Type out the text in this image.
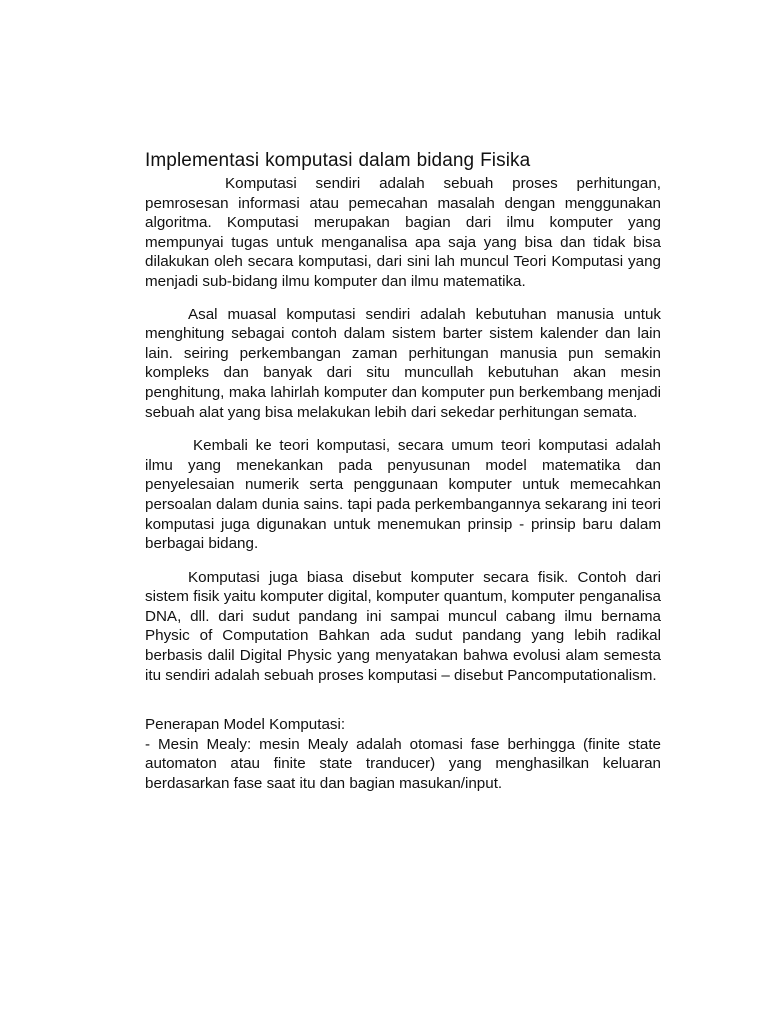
Implementasi komputasi dalam bidang Fisika

Komputasi sendiri adalah sebuah proses perhitungan, pemrosesan informasi atau pemecahan masalah dengan menggunakan algoritma. Komputasi merupakan bagian dari ilmu komputer yang mempunyai tugas untuk menganalisa apa saja yang bisa dan tidak bisa dilakukan oleh secara komputasi, dari sini lah muncul Teori Komputasi yang menjadi sub-bidang ilmu komputer dan ilmu matematika.

Asal muasal komputasi sendiri adalah kebutuhan manusia untuk menghitung sebagai contoh dalam sistem barter sistem kalender dan lain lain. seiring perkembangan zaman perhitungan manusia pun semakin kompleks dan banyak dari situ muncullah kebutuhan akan mesin penghitung, maka lahirlah komputer dan komputer pun berkembang menjadi sebuah alat yang bisa melakukan lebih dari sekedar perhitungan semata.

Kembali ke teori komputasi, secara umum teori komputasi adalah ilmu yang menekankan pada penyusunan model matematika dan penyelesaian numerik serta penggunaan komputer untuk memecahkan persoalan dalam dunia sains. tapi pada perkembangannya sekarang ini teori komputasi juga digunakan untuk menemukan prinsip - prinsip baru dalam berbagai bidang.

Komputasi juga biasa disebut komputer secara fisik. Contoh dari sistem fisik yaitu komputer digital, komputer quantum, komputer penganalisa DNA, dll. dari sudut pandang ini sampai muncul cabang ilmu bernama Physic of Computation Bahkan ada sudut pandang yang lebih radikal berbasis dalil Digital Physic yang menyatakan bahwa evolusi alam semesta itu sendiri adalah sebuah proses komputasi – disebut Pancomputationalism.

Penerapan Model Komputasi:

- Mesin Mealy: mesin Mealy adalah otomasi fase berhingga (finite state automaton atau finite state tranducer) yang menghasilkan keluaran berdasarkan fase saat itu dan bagian masukan/input.
